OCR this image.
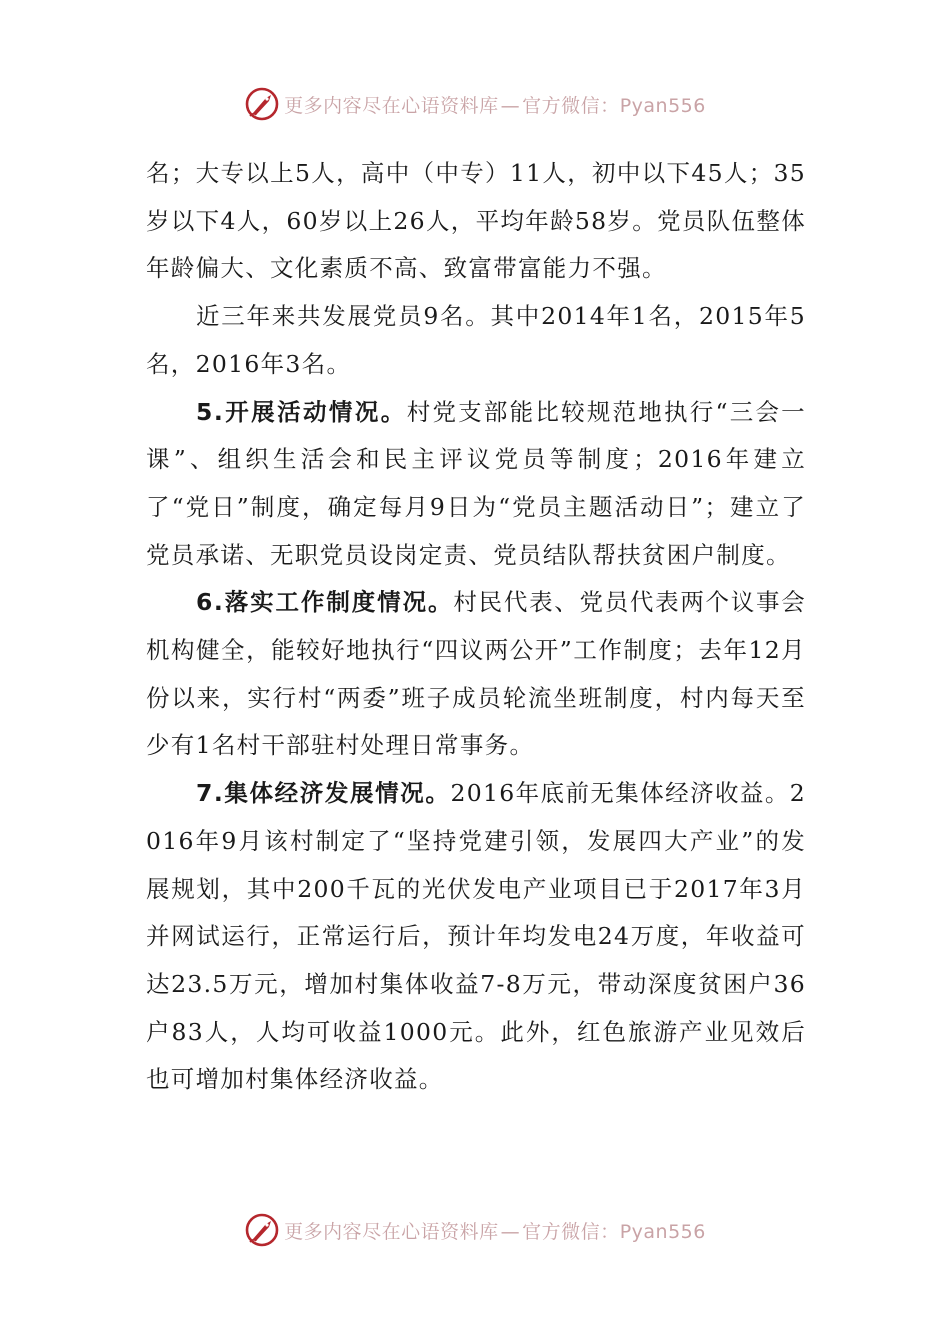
更多内容尽在心语资料库 — 官方微信：Pyan556

名；大专以上5人，高中（中专）11人，初中以下45人；35岁以下4人，60岁以上26人，平均年龄58岁。党员队伍整体年龄偏大、文化素质不高、致富带富能力不强。

近三年来共发展党员9名。其中2014年1名，2015年5名，2016年3名。

5.开展活动情况。村党支部能比较规范地执行“三会一课”、组织生活会和民主评议党员等制度；2016年建立了“党日”制度，确定每月9日为“党员主题活动日”；建立了党员承诺、无职党员设岗定责、党员结队帮扶贫困户制度。

6.落实工作制度情况。村民代表、党员代表两个议事会机构健全，能较好地执行“四议两公开”工作制度；去年12月份以来，实行村“两委”班子成员轮流坐班制度，村内每天至少有1名村干部驻村处理日常事务。

7.集体经济发展情况。2016年底前无集体经济收益。2016年9月该村制定了“坚持党建引领，发展四大产业”的发展规划，其中200千瓦的光伏发电产业项目已于2017年3月并网试运行，正常运行后，预计年均发电24万度，年收益可达23.5万元，增加村集体收益7-8万元，带动深度贫困户36户83人，人均可收益1000元。此外，红色旅游产业见效后也可增加村集体经济收益。

更多内容尽在心语资料库 — 官方微信：Pyan556
